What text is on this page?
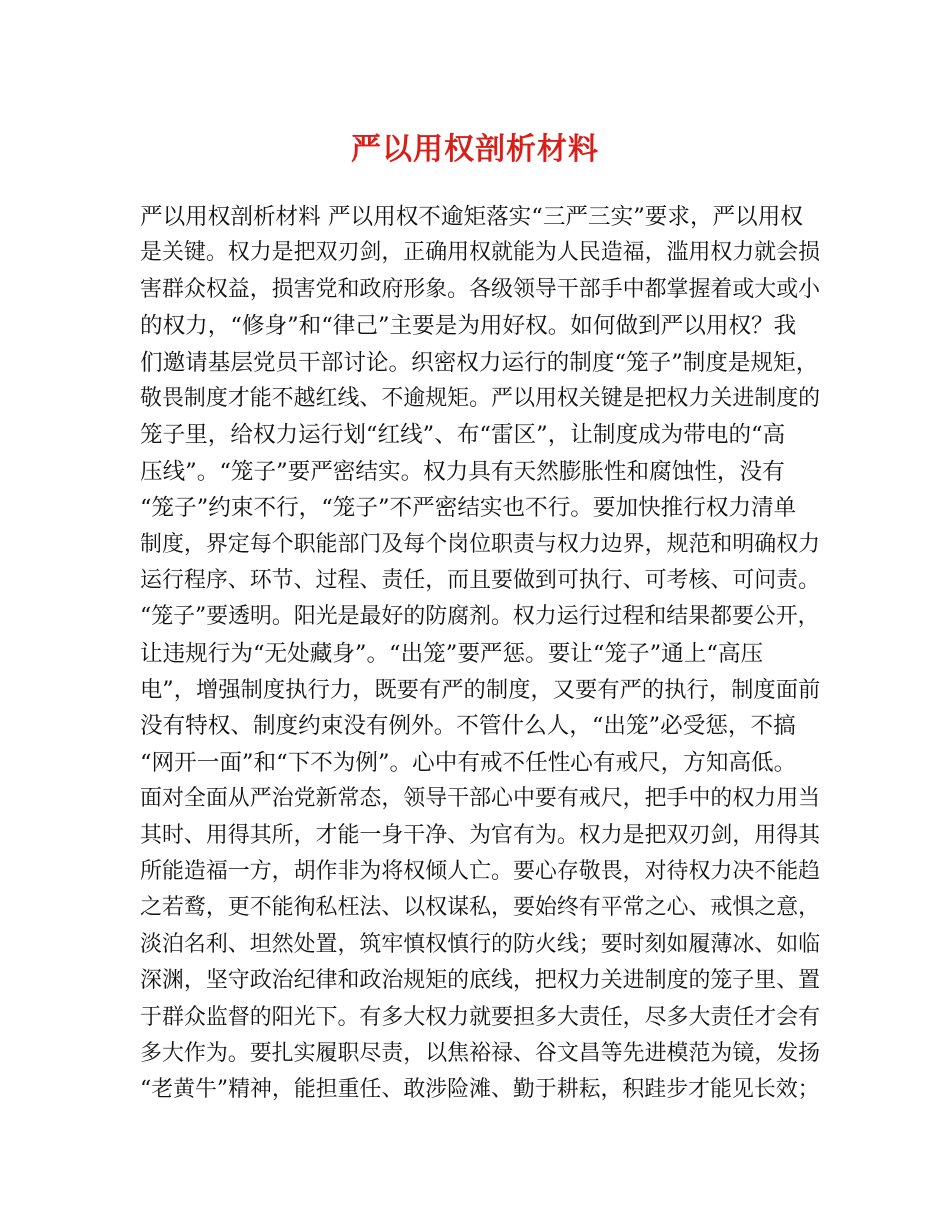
严以用权剖析材料
严以用权剖析材料 严以用权不逾矩落实“三严三实”要求，严以用权
是关键。权力是把双刃剑，正确用权就能为人民造福，滥用权力就会损
害群众权益，损害党和政府形象。各级领导干部手中都掌握着或大或小
的权力，“修身”和“律己”主要是为用好权。如何做到严以用权？我
们邀请基层党员干部讨论。织密权力运行的制度“笼子”制度是规矩，
敬畏制度才能不越红线、不逾规矩。严以用权关键是把权力关进制度的
笼子里，给权力运行划“红线”、布“雷区”，让制度成为带电的“高
压线”。“笼子”要严密结实。权力具有天然膨胀性和腐蚀性，没有
“笼子”约束不行，“笼子”不严密结实也不行。要加快推行权力清单
制度，界定每个职能部门及每个岗位职责与权力边界，规范和明确权力
运行程序、环节、过程、责任，而且要做到可执行、可考核、可问责。
“笼子”要透明。阳光是最好的防腐剂。权力运行过程和结果都要公开，
让违规行为“无处藏身”。“出笼”要严惩。要让“笼子”通上“高压
电”，增强制度执行力，既要有严的制度，又要有严的执行，制度面前
没有特权、制度约束没有例外。不管什么人，“出笼”必受惩，不搞
“网开一面”和“下不为例”。心中有戒不任性心有戒尺，方知高低。
面对全面从严治党新常态，领导干部心中要有戒尺，把手中的权力用当
其时、用得其所，才能一身干净、为官有为。权力是把双刃剑，用得其
所能造福一方，胡作非为将权倾人亡。要心存敬畏，对待权力决不能趋
之若鹜，更不能徇私枉法、以权谋私，要始终有平常之心、戒惧之意，
淡泊名利、坦然处置，筑牢慎权慎行的防火线；要时刻如履薄冰、如临
深渊，坚守政治纪律和政治规矩的底线，把权力关进制度的笼子里、置
于群众监督的阳光下。有多大权力就要担多大责任，尽多大责任才会有
多大作为。要扎实履职尽责，以焦裕禄、谷文昌等先进模范为镜，发扬
“老黄牛”精神，能担重任、敢涉险滩、勤于耕耘，积跬步才能见长效；
